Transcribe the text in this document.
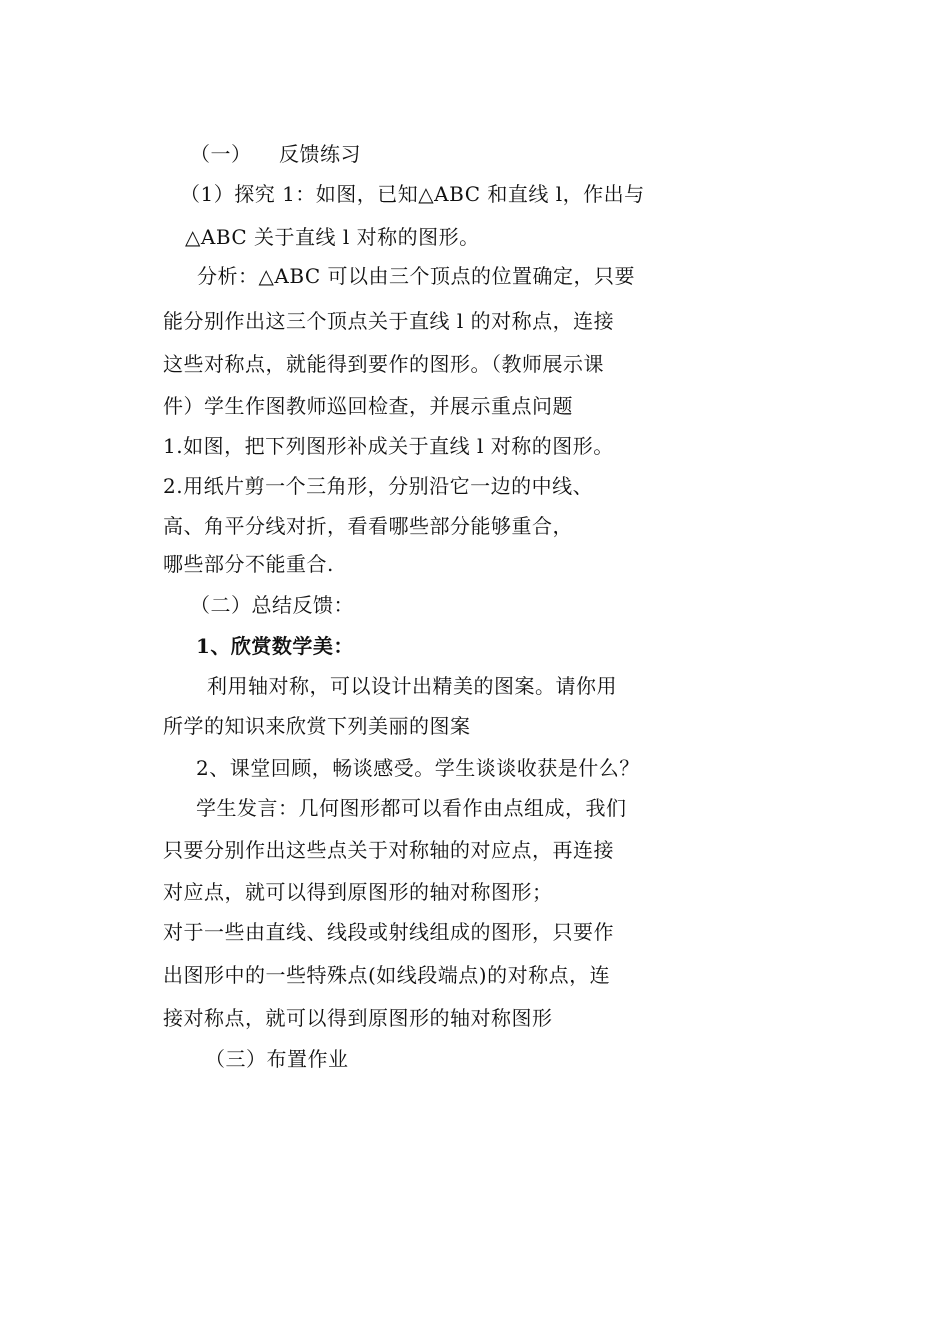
（一） 反馈练习
（1）探究 1：如图，已知△ABC 和直线 l，作出与
△ABC 关于直线 l 对称的图形。
分析：△ABC 可以由三个顶点的位置确定，只要
能分别作出这三个顶点关于直线 l 的对称点，连接
这些对称点，就能得到要作的图形。（教师展示课
件）学生作图教师巡回检查，并展示重点问题
1.如图，把下列图形补成关于直线 l 对称的图形。
2.用纸片剪一个三角形，分别沿它一边的中线、
高、角平分线对折，看看哪些部分能够重合，
哪些部分不能重合.
（二）总结反馈：
1、欣赏数学美：
利用轴对称，可以设计出精美的图案。请你用
所学的知识来欣赏下列美丽的图案
2、课堂回顾，畅谈感受。学生谈谈收获是什么？
学生发言：几何图形都可以看作由点组成，我们
只要分别作出这些点关于对称轴的对应点，再连接
对应点，就可以得到原图形的轴对称图形；
对于一些由直线、线段或射线组成的图形，只要作
出图形中的一些特殊点(如线段端点)的对称点，连
接对称点，就可以得到原图形的轴对称图形
（三）布置作业
